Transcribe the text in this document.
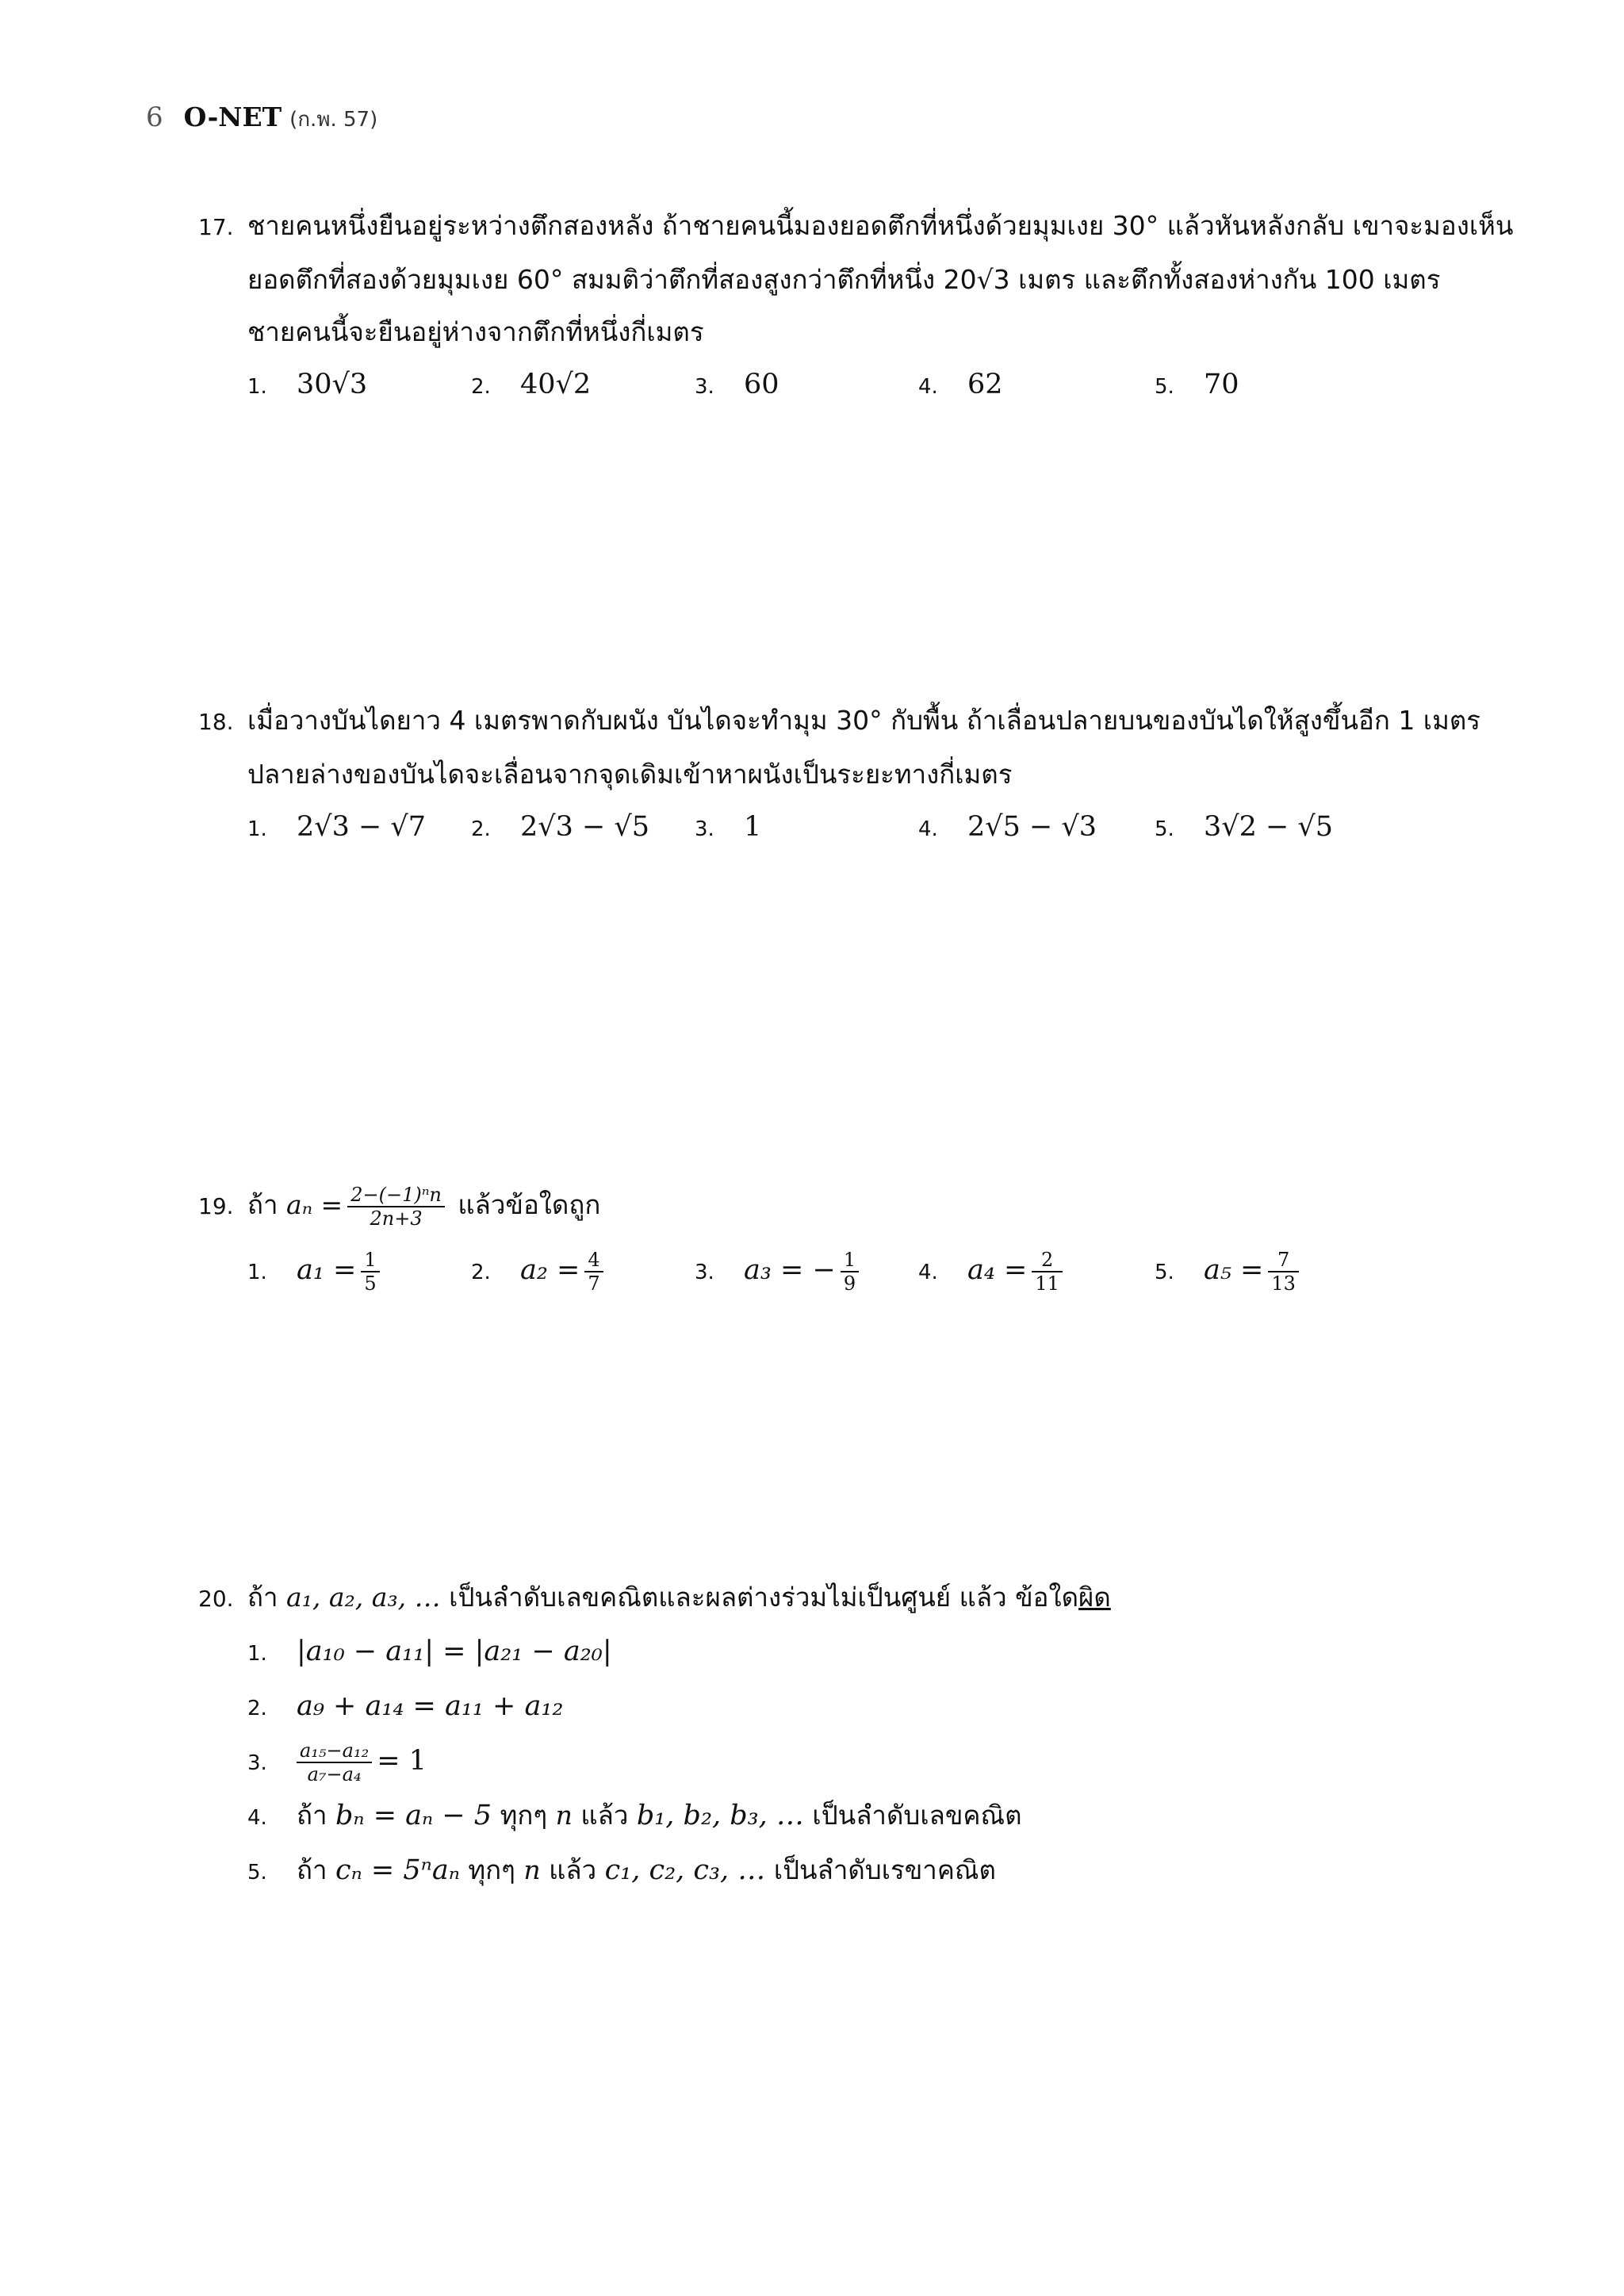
6 O-NET (ก.พ. 57)
17. ชายคนหนึ่งยืนอยู่ระหว่างตึกสองหลัง ถ้าชายคนนี้มองยอดตึกที่หนึ่งด้วยมุมเงย 30° แล้วหันหลังกลับ เขาจะมองเห็น
ยอดตึกที่สองด้วยมุมเงย 60° สมมติว่าตึกที่สองสูงกว่าตึกที่หนึ่ง 20√3 เมตร และตึกทั้งสองห่างกัน 100 เมตร
ชายคนนี้จะยืนอยู่ห่างจากตึกที่หนึ่งกี่เมตร
1. 30√3	2. 40√2	3. 60	4. 62	5. 70
18. เมื่อวางบันไดยาว 4 เมตรพาดกับผนัง บันไดจะทำมุม 30° กับพื้น ถ้าเลื่อนปลายบนของบันไดให้สูงขึ้นอีก 1 เมตร
ปลายล่างของบันไดจะเลื่อนจากจุดเดิมเข้าหาผนังเป็นระยะทางกี่เมตร
1. 2√3 − √7 2. 2√3 − √5 3. 1	4. 2√5 − √3	5. 3√2 − √5
19. ถ้า $a_n = \frac{\text{2−(−1)ⁿn}}{2n+3}$ แล้วข้อใดถูก
1. $a_1 = \frac{1}{5}$	2. $a_2 = \frac{4}{7}$	3. a₃ = − $\frac{1}{9}$	4. $a_4 = \frac{2}{11}$	5. $a_5 = \frac{7}{13}$
20. ถ้า a₁, a₂, a₃, … เป็นลำดับเลขคณิตและผลต่างร่วมไม่เป็นศูนย์ แล้ว ข้อใดผิด
1. |a₁₀ − a₁₁| = |a₂₁ − a₂₀|
2. a₉ + a₁₄ = a₁₁ + a₁₂
3. $\frac{\text{a₁₅−a₁₂}}{\text{a₇−a₄}} = 1$
4. ถ้า bₙ = aₙ − 5 ทุกๆ n แล้ว b₁, b₂, b₃, … เป็นลำดับเลขคณิต
5. ถ้า cₙ = 5ⁿaₙ ทุกๆ n แล้ว c₁, c₂, c₃, … เป็นลำดับเรขาคณิต
